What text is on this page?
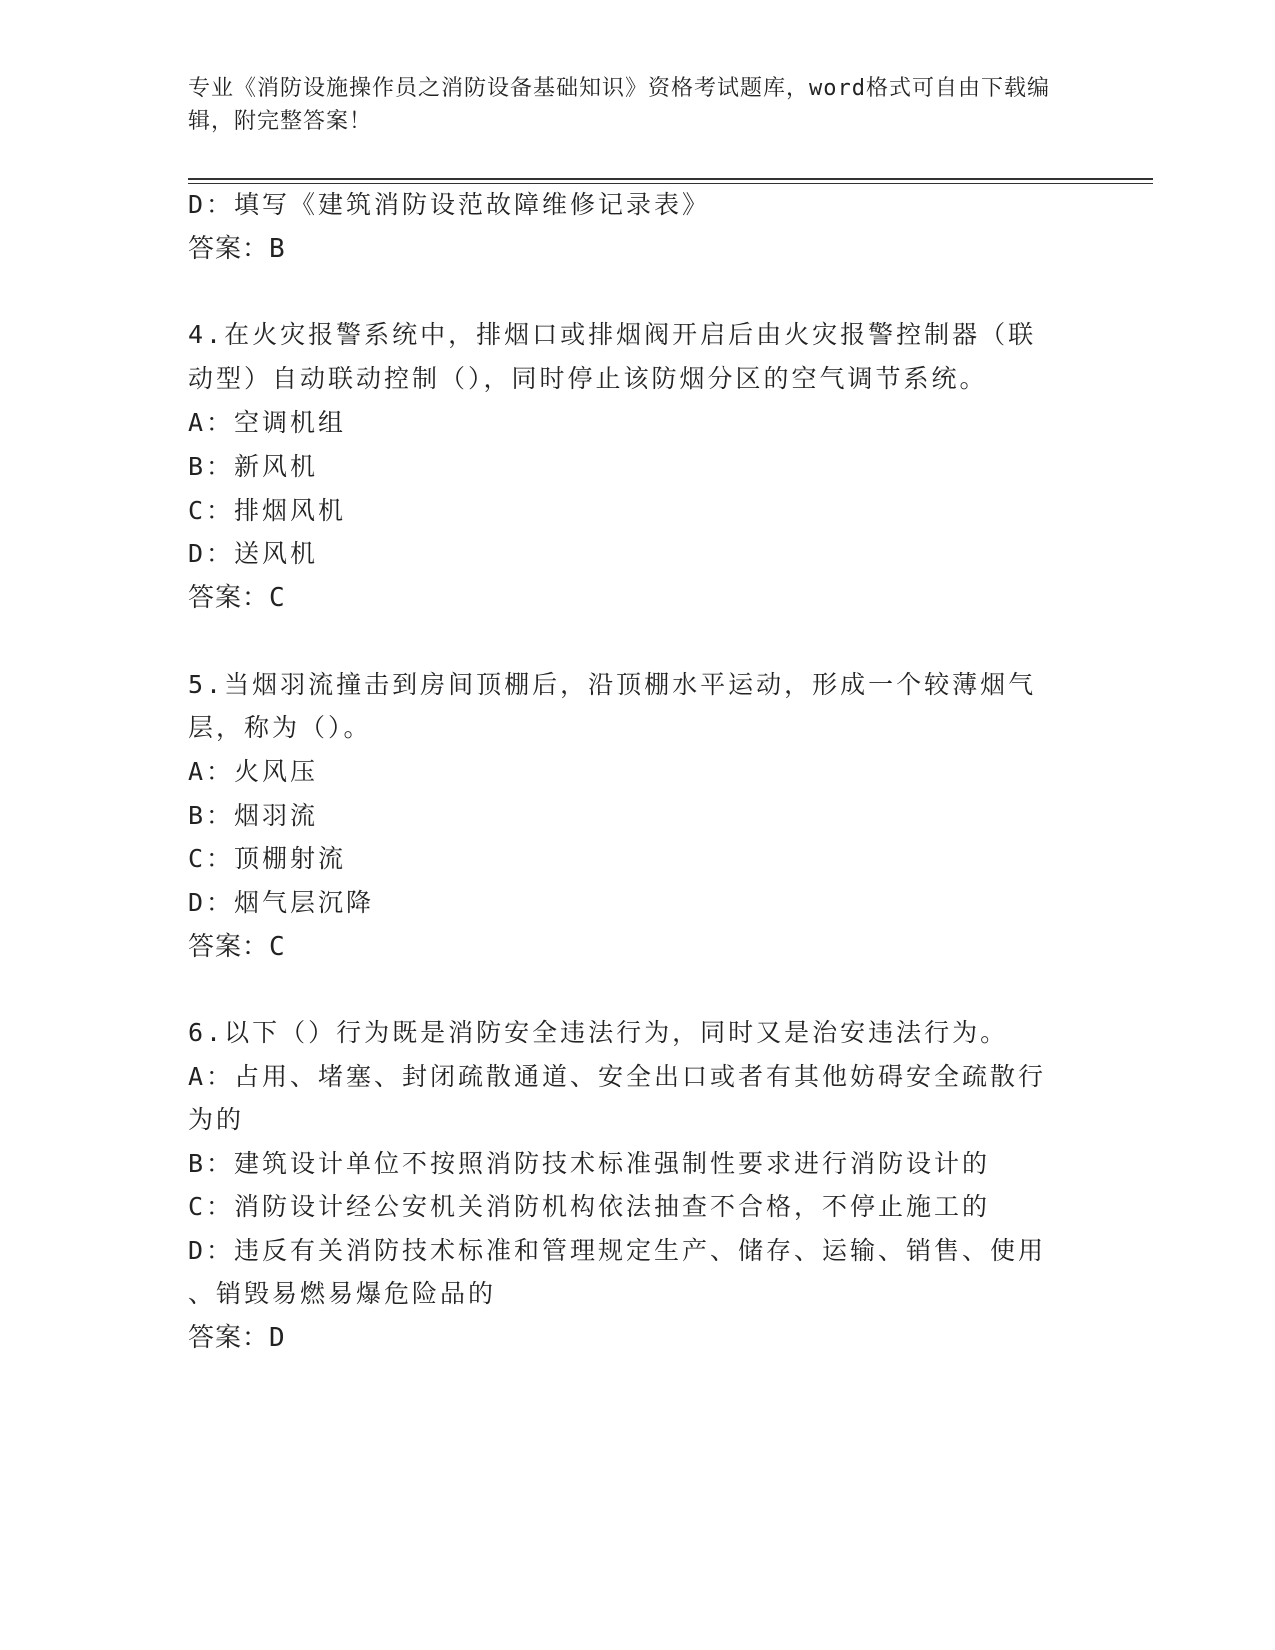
专业《消防设施操作员之消防设备基础知识》资格考试题库，word格式可自由下载编辑，附完整答案！
D：填写《建筑消防设范故障维修记录表》
答案：B
4.在火灾报警系统中，排烟口或排烟阀开启后由火灾报警控制器（联
动型）自动联动控制（），同时停止该防烟分区的空气调节系统。
A：空调机组
B：新风机
C：排烟风机
D：送风机
答案：C
5.当烟羽流撞击到房间顶棚后，沿顶棚水平运动，形成一个较薄烟气
层，称为（）。
A：火风压
B：烟羽流
C：顶棚射流
D：烟气层沉降
答案：C
6.以下（）行为既是消防安全违法行为，同时又是治安违法行为。
A：占用、堵塞、封闭疏散通道、安全出口或者有其他妨碍安全疏散行
为的
B：建筑设计单位不按照消防技术标准强制性要求进行消防设计的
C：消防设计经公安机关消防机构依法抽查不合格，不停止施工的
D：违反有关消防技术标准和管理规定生产、储存、运输、销售、使用
、销毁易燃易爆危险品的
答案：D
